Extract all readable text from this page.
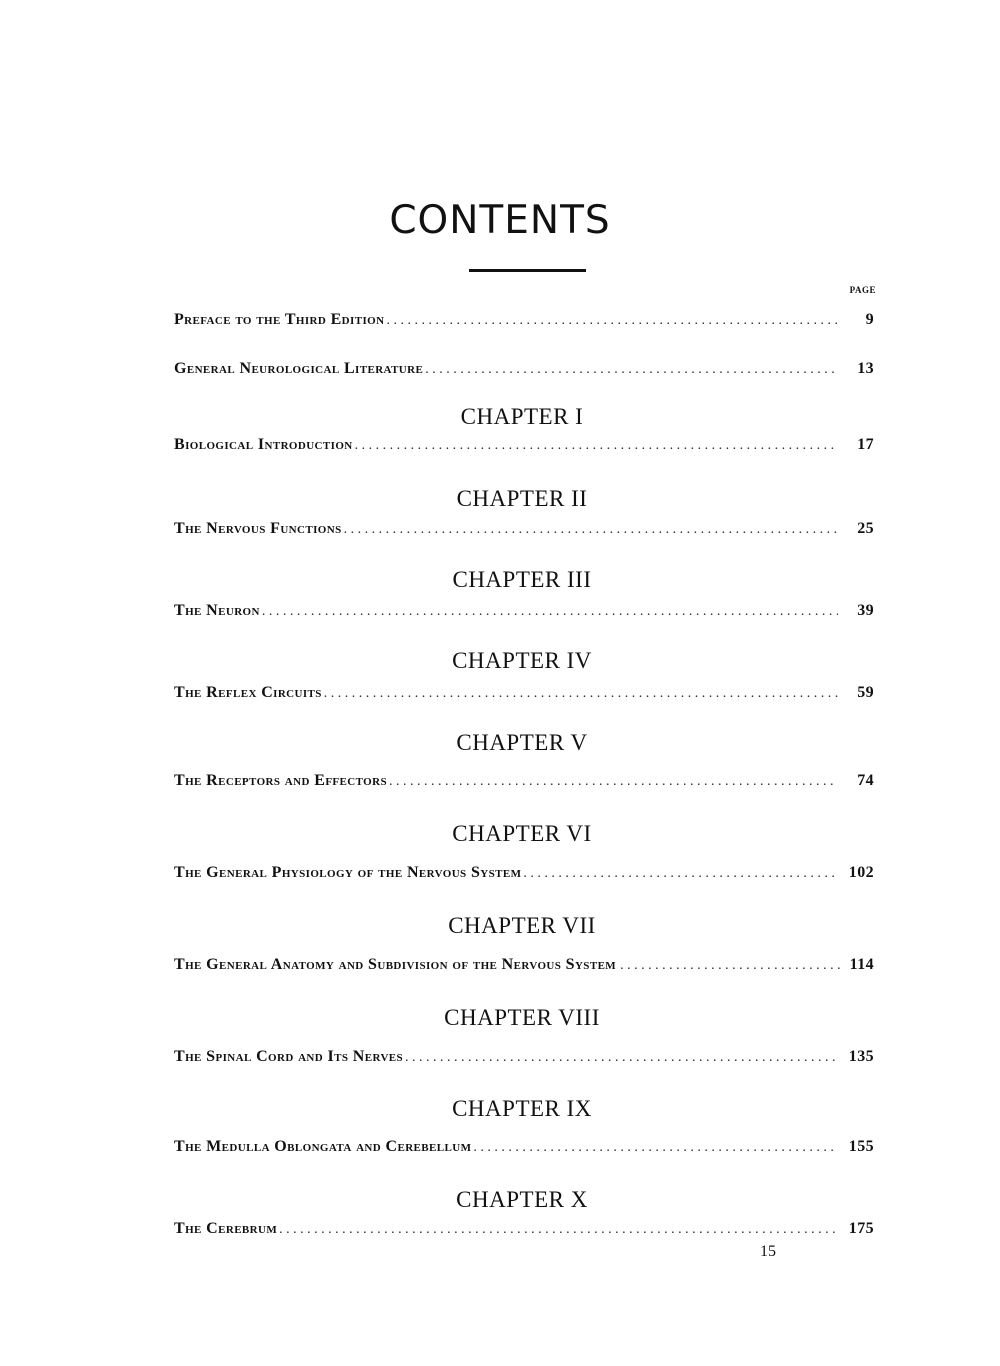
CONTENTS
PAGE
Preface to the Third Edition . . .	9
General Neurological Literature . . .	13
CHAPTER I
Biological Introduction . . .	17
CHAPTER II
The Nervous Functions . . .	25
CHAPTER III
The Neuron . . .	39
CHAPTER IV
The Reflex Circuits . . .	59
CHAPTER V
The Receptors and Effectors . . .	74
CHAPTER VI
The General Physiology of the Nervous System . . .	102
CHAPTER VII
The General Anatomy and Subdivision of the Nervous System . . .	114
CHAPTER VIII
The Spinal Cord and Its Nerves . . .	135
CHAPTER IX
The Medulla Oblongata and Cerebellum . . .	155
CHAPTER X
The Cerebrum . . .	175
15
